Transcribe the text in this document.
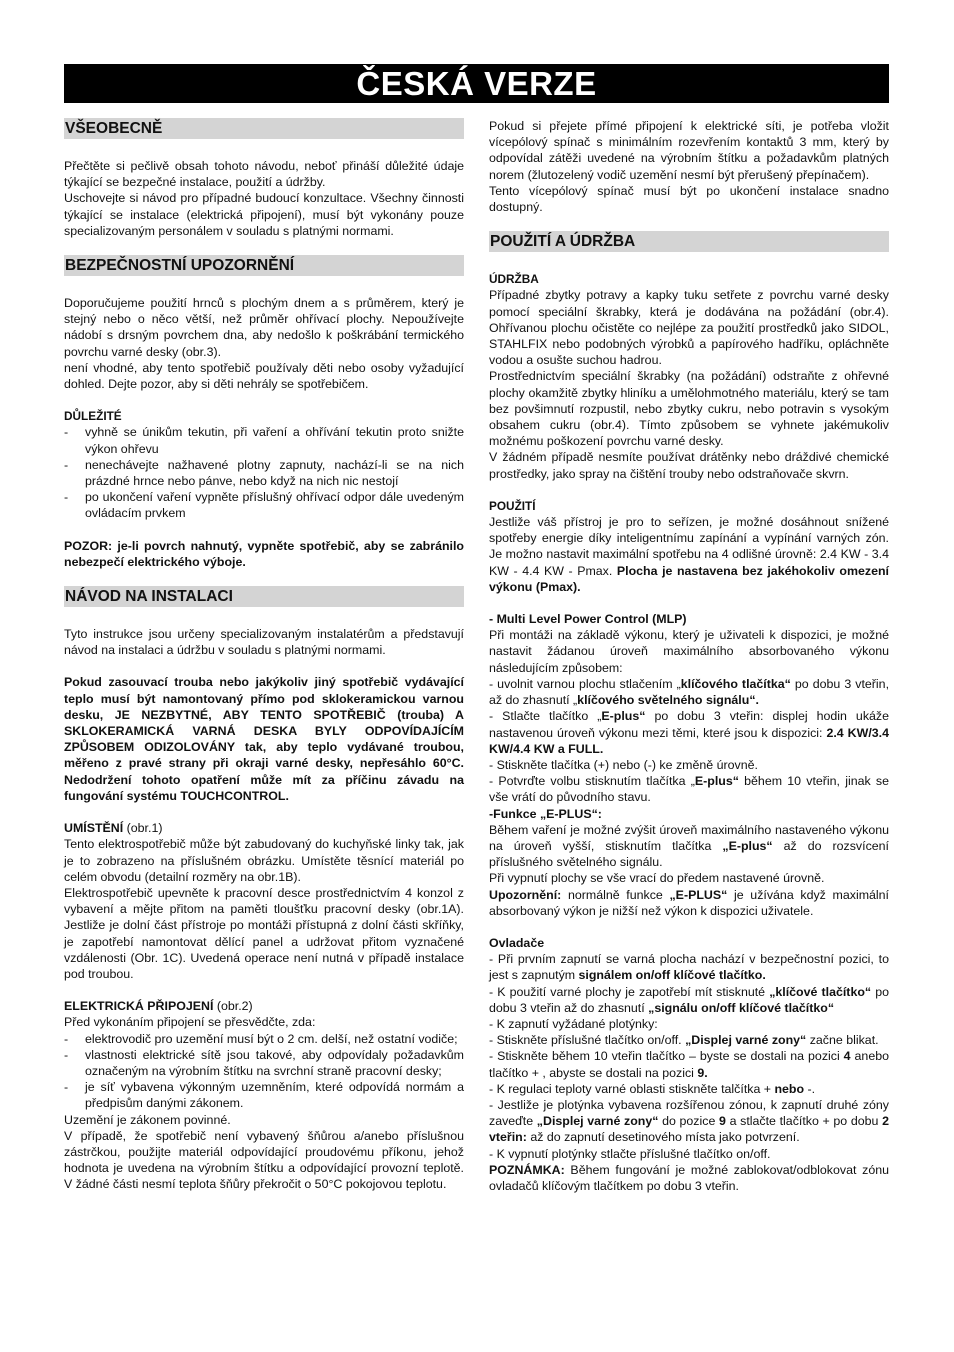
ČESKÁ VERZE
VŠEOBECNĚ

Přečtěte si pečlivě obsah tohoto návodu, neboť přináší důležité údaje týkající se bezpečné instalace, použití a údržby.

Uschovejte si návod pro případné budoucí konzultace. Všechny činnosti týkající se instalace (elektrická připojení), musí být vykonány pouze specializovaným personálem v souladu s platnými normami.

BEZPEČNOSTNÍ UPOZORNĚNÍ

Doporučujeme použití hrnců s plochým dnem a s průměrem, který je stejný nebo o něco větší, než průměr ohřívací plochy. Nepoužívejte nádobí s drsným povrchem dna, aby nedošlo k poškrábání termického povrchu varné desky (obr.3).

není vhodné, aby tento spotřebič používaly děti nebo osoby vyžadující dohled. Dejte pozor, aby si děti nehrály se spotřebičem.

DŮLEŽITÉ

- vyhně se únikům tekutin, při vaření a ohřívání tekutin proto snižte výkon ohřevu
- nenechávejte nažhavené plotny zapnuty, nachází-li se na nich prázdné hrnce nebo pánve, nebo když na nich nic nestojí
- po ukončení vaření vypněte příslušný ohřívací odpor dále uvedeným ovládacím prvkem

POZOR: je-li povrch nahnutý, vypněte spotřebič, aby se zabránilo nebezpečí elektrického výboje.

NÁVOD NA INSTALACI

Tyto instrukce jsou určeny specializovaným instalatérům a představují návod na instalaci a údržbu v souladu s platnými normami.

Pokud zasouvací trouba nebo jakýkoliv jiný spotřebič vydávající teplo musí být namontovaný přímo pod sklokeramickou varnou desku, JE NEZBYTNÉ, ABY TENTO SPOTŘEBIČ (trouba) A SKLOKERAMICKÁ VARNÁ DESKA BYLY ODPOVÍDAJÍCÍM ZPŮSOBEM ODIZOLOVÁNY tak, aby teplo vydávané troubou, měřeno z pravé strany při okraji varné desky, nepřesáhlo 60°C. Nedodržení tohoto opatření může mít za příčinu závadu na fungování systému TOUCHCONTROL.

UMÍSTĚNÍ (obr.1)

Tento elektrospotřebič může být zabudovaný do kuchyňské linky tak, jak je to zobrazeno na příslušném obrázku. Umístěte těsnící materiál po celém obvodu (detailní rozměry na obr.1B).

Elektrospotřebič upevněte k pracovní desce prostřednictvím 4 konzol z vybavení a mějte přitom na paměti tloušťku pracovní desky (obr.1A). Jestliže je dolní část přístroje po montáži přístupná z dolní části skříňky, je zapotřebí namontovat dělící panel a udržovat přitom vyznačené vzdálenosti (Obr. 1C). Uvedená operace není nutná v případě instalace pod troubou.

ELEKTRICKÁ PŘIPOJENÍ (obr.2)

Před vykonáním připojení se přesvědčte, zda:

- elektrovodič pro uzemění musí být o 2 cm. delší, než ostatní vodiče;
- vlastnosti elektrické sítě jsou takové, aby odpovídaly požadavkům označeným na výrobním štítku na svrchní straně pracovní desky;
- je síť vybavena výkonným uzemněním, které odpovídá normám a předpisům danými zákonem.

Uzemění je zákonem povinné.

V případě, že spotřebič není vybavený šňůrou a/anebo příslušnou zástrčkou, použijte materiál odpovídající proudovému příkonu, jehož hodnota je uvedena na výrobním štítku a odpovídající provozní teplotě. V žádné části nesmí teplota šňůry překročit o 50°C pokojovou teplotu.

Pokud si přejete přímé připojení k elektrické síti, je potřeba vložit vícepólový spínač s minimálním rozevřením kontaktů 3 mm, který by odpovídal zátěži uvedené na výrobním štítku a požadavkům platných norem (žlutozelený vodič uzemění nesmí být přerušený přepínačem).

Tento vícepólový spínač musí být po ukončení instalace snadno dostupný.

POUŽITÍ A ÚDRŽBA

ÚDRŽBA

Případné zbytky potravy a kapky tuku setřete z povrchu varné desky pomocí speciální škrabky, která je dodávána na požádání (obr.4). Ohřívanou plochu očistěte co nejlépe za použití prostředků jako SIDOL, STAHLFIX nebo podobných výrobků a papírového hadříku, opláchněte vodou a osušte suchou hadrou.

Prostřednictvím speciální škrabky (na požádání) odstraňte z ohřevné plochy okamžitě zbytky hliníku a umělohmotného materiálu, který se tam bez povšimnutí rozpustil, nebo zbytky cukru, nebo potravin s vysokým obsahem cukru (obr.4). Tímto způsobem se vyhnete jakémukoliv možnému poškození povrchu varné desky.

V žádném případě nesmíte používat drátěnky nebo dráždivé chemické prostředky, jako spray na čištění trouby nebo odstraňovače skvrn.

POUŽITÍ

Jestliže váš přístroj je pro to seřízen, je možné dosáhnout snížené spotřeby energie díky inteligentnímu zapínání a vypínání varných zón. Je možno nastavit maximální spotřebu na 4 odlišné úrovně: 2.4 KW - 3.4 KW - 4.4 KW - Pmax. Plocha je nastavena bez jakéhokoliv omezení výkonu (Pmax).

- Multi Level Power Control (MLP)

Při montáži na základě výkonu, který je uživateli k dispozici, je možné nastavit žádanou úroveň maximálního absorbovaného výkonu následujícím způsobem:

- uvolnit varnou plochu stlačením „klíčového tlačítka“ po dobu 3 vteřin, až do zhasnutí „klíčového světelného signálu“.

- Stlačte tlačítko „E-plus“ po dobu 3 vteřin: displej hodin ukáže nastavenou úroveň výkonu mezi těmi, které jsou k dispozici: 2.4 KW/3.4 KW/4.4 KW a FULL.

- Stiskněte tlačítka (+) nebo (-) ke změně úrovně.

- Potvrďte volbu stisknutím tlačítka „E-plus“ během 10 vteřin, jinak se vše vrátí do původního stavu.

-Funkce „E-PLUS“:

Během vaření je možné zvýšit úroveň maximálního nastaveného výkonu na úroveň vyšší, stisknutím tlačítka „E-plus“ až do rozsvícení příslušného světelného signálu.

Při vypnutí plochy se vše vrací do předem nastavené úrovně.

Upozornění: normálně funkce „E-PLUS“ je užívána když maximální absorbovaný výkon je nižší než výkon k dispozici uživatele.

Ovladače

- Při prvním zapnutí se varná plocha nachází v bezpečnostní pozici, to jest s zapnutým signálem on/off klíčové tlačítko.

- K použití varné plochy je zapotřebí mít stisknuté „klíčové tlačítko“ po dobu 3 vteřin až do zhasnutí „signálu on/off klíčové tlačítko“

- K zapnutí vyžádané plotýnky:

- Stiskněte příslušné tlačítko on/off. „Displej varné zony“ začne blikat.

- Stiskněte během 10 vteřin tlačítko – byste se dostali na pozici 4 anebo tlačítko + , abyste se dostali na pozici 9.

- K regulaci teploty varné oblasti stiskněte talčítka + nebo -.

- Jestliže je plotýnka vybavena rozšířenou zónou, k zapnutí druhé zóny zaveďte „Displej varné zony“ do pozice 9 a stlačte tlačítko + po dobu 2 vteřin: až do zapnutí desetinového místa jako potvrzení.

- K vypnutí plotýnky stlačte příslušné tlačítko on/off.

POZNÁMKA: Během fungování je možné zablokovat/odblokovat zónu ovladačů klíčovým tlačítkem po dobu 3 vteřin.
